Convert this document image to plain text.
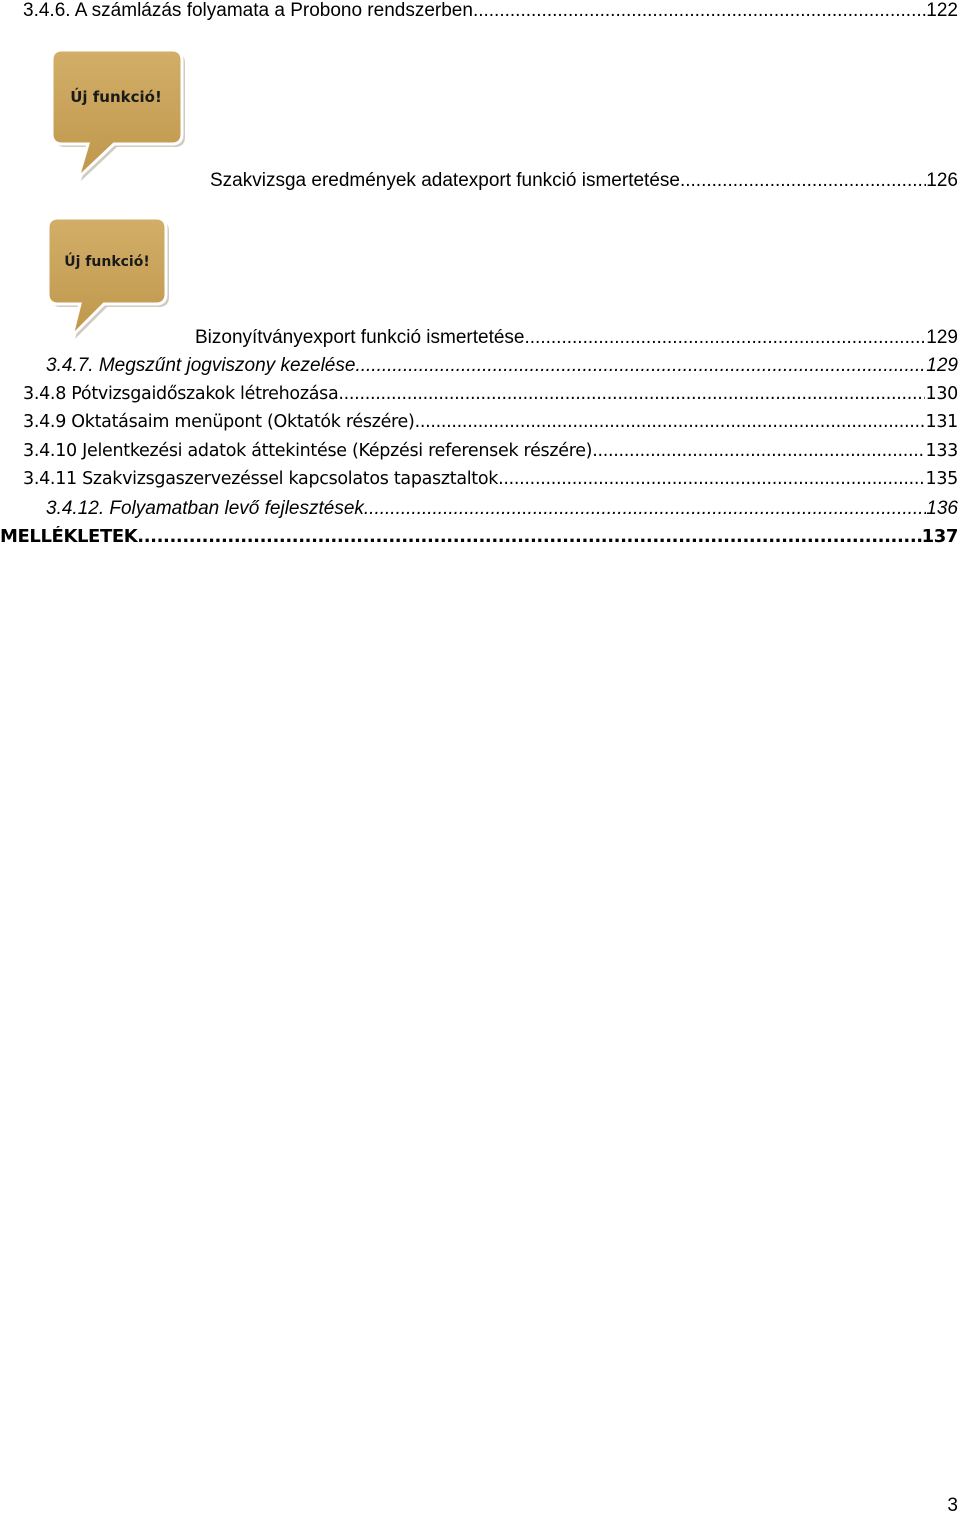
3.4.6. A számlázás folyamata a Probono rendszerben .....	122
Új funkció!
Szakvizsga eredmények adatexport funkció ismertetése .....	126
Új funkció!
Bizonyítványexport funkció ismertetése .....	129
3.4.7. Megszűnt jogviszony kezelése .....	129
3.4.8 Pótvizsgaidőszakok létrehozása .....	130
3.4.9 Oktatásaim menüpont (Oktatók részére) .....	131
3.4.10 Jelentkezési adatok áttekintése (Képzési referensek részére) .....	133
3.4.11 Szakvizsgaszervezéssel kapcsolatos tapasztaltok .....	135
3.4.12. Folyamatban levő fejlesztések .....	136
MELLÉKLETEK .....	137
3
